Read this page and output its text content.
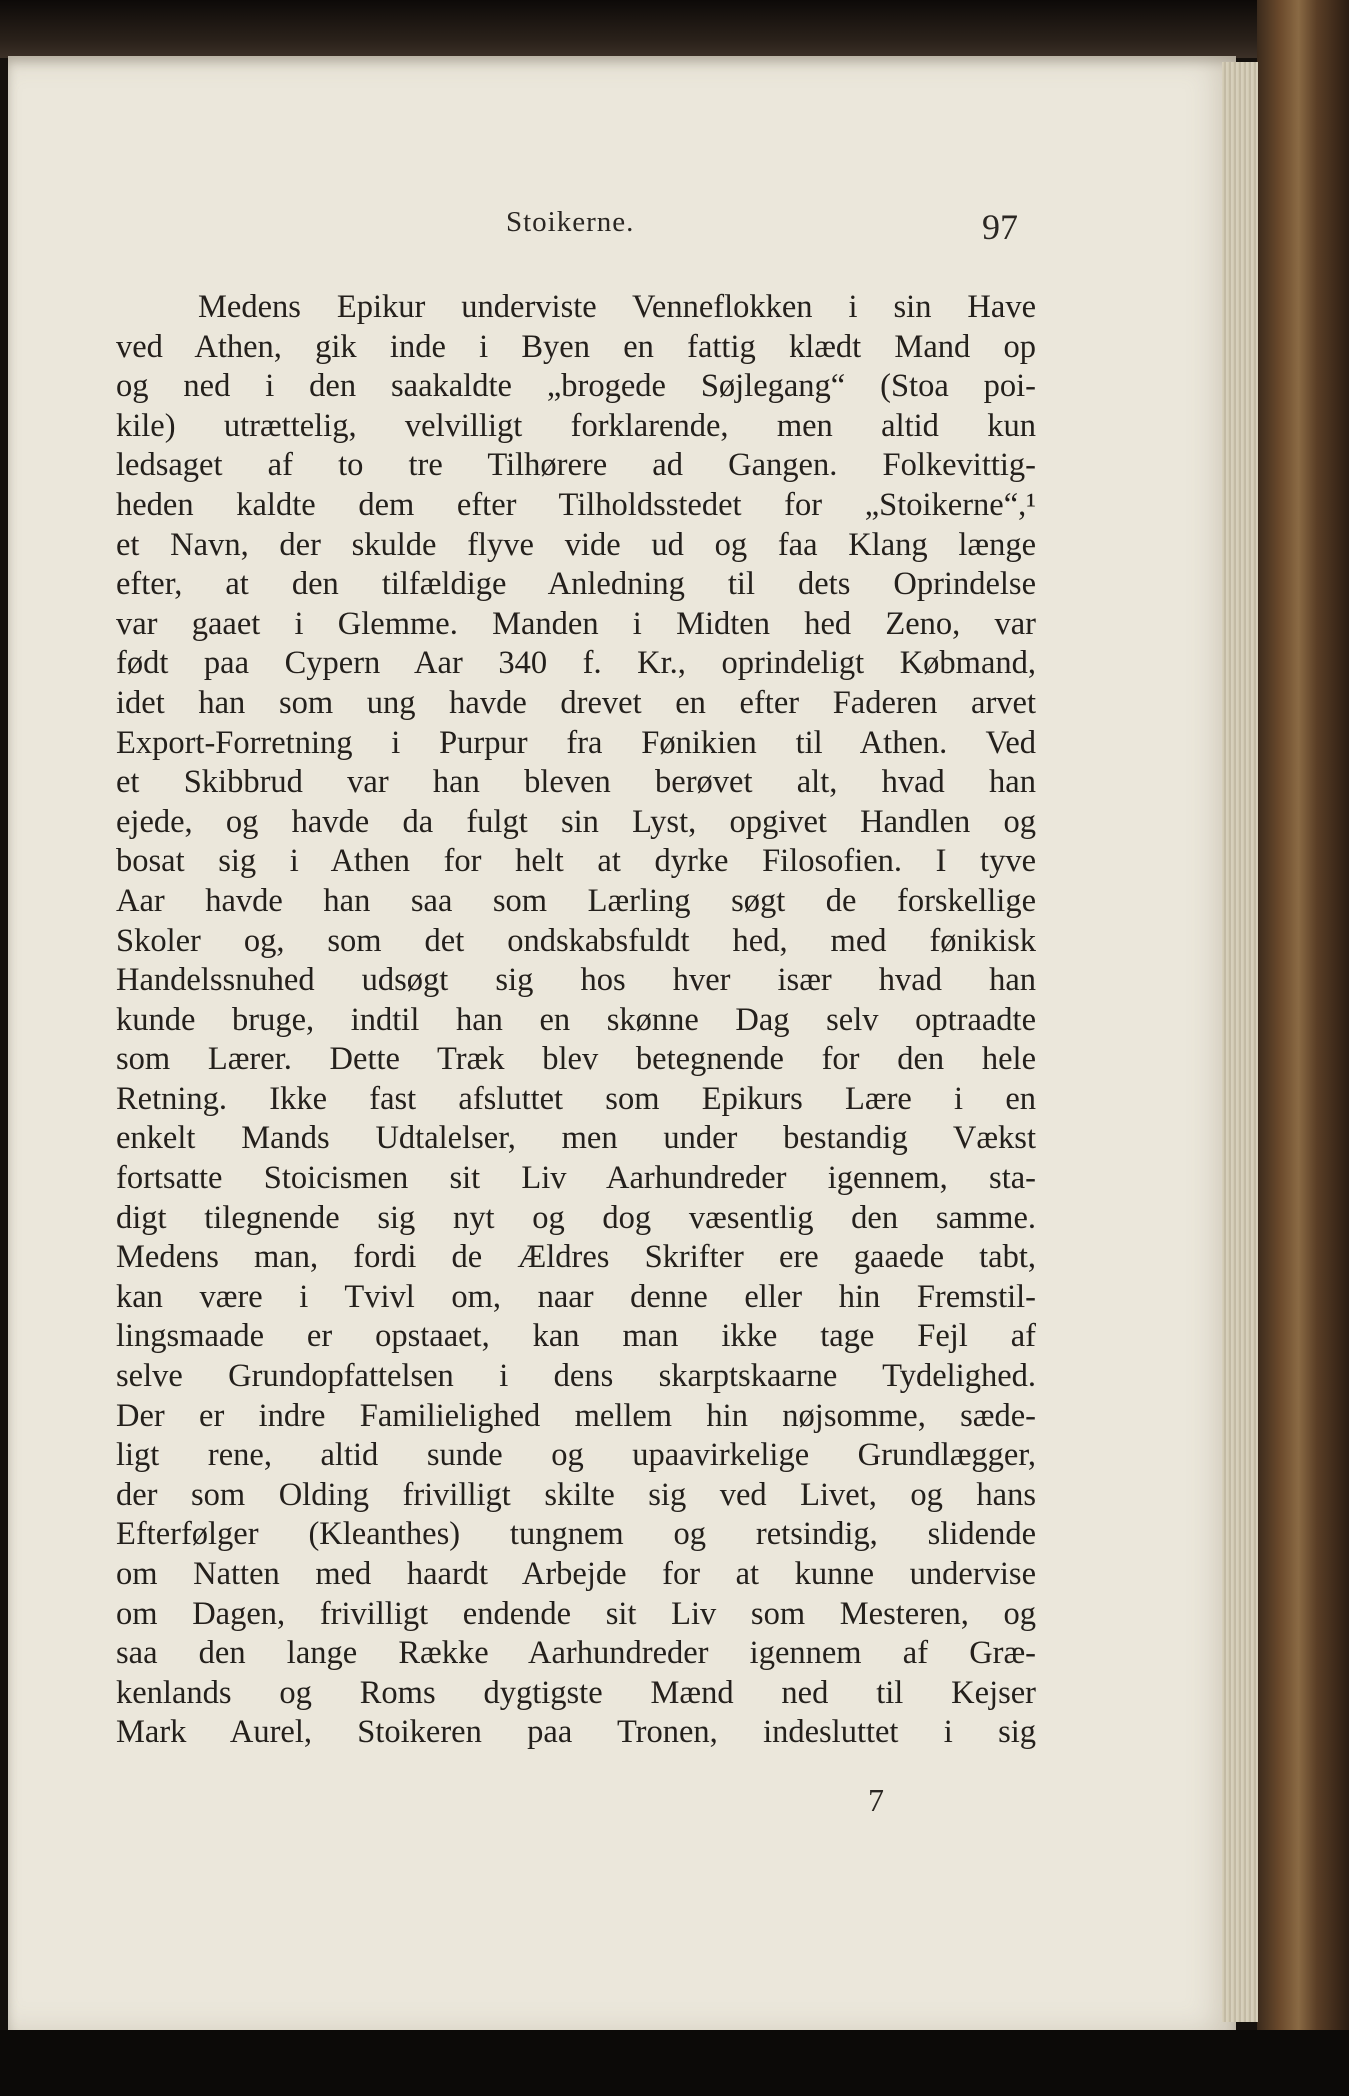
Stoikerne.	97
Medens Epikur underviste Venneflokken i sin Have
ved Athen, gik inde i Byen en fattig klædt Mand op
og ned i den saakaldte „brogede Søjlegang“ (Stoa poi-
kile) utrættelig, velvilligt forklarende, men altid kun
ledsaget af to tre Tilhørere ad Gangen. Folkevittig-
heden kaldte dem efter Tilholdsstedet for „Stoikerne“,¹
et Navn, der skulde flyve vide ud og faa Klang længe
efter, at den tilfældige Anledning til dets Oprindelse
var gaaet i Glemme. Manden i Midten hed Zeno, var
født paa Cypern Aar 340 f. Kr., oprindeligt Købmand,
idet han som ung havde drevet en efter Faderen arvet
Export-Forretning i Purpur fra Fønikien til Athen. Ved
et Skibbrud var han bleven berøvet alt, hvad han
ejede, og havde da fulgt sin Lyst, opgivet Handlen og
bosat sig i Athen for helt at dyrke Filosofien. I tyve
Aar havde han saa som Lærling søgt de forskellige
Skoler og, som det ondskabsfuldt hed, med fønikisk
Handelssnuhed udsøgt sig hos hver især hvad han
kunde bruge, indtil han en skønne Dag selv optraadte
som Lærer. Dette Træk blev betegnende for den hele
Retning. Ikke fast afsluttet som Epikurs Lære i en
enkelt Mands Udtalelser, men under bestandig Vækst
fortsatte Stoicismen sit Liv Aarhundreder igennem, sta-
digt tilegnende sig nyt og dog væsentlig den samme.
Medens man, fordi de Ældres Skrifter ere gaaede tabt,
kan være i Tvivl om, naar denne eller hin Fremstil-
lingsmaade er opstaaet, kan man ikke tage Fejl af
selve Grundopfattelsen i dens skarptskaarne Tydelighed.
Der er indre Familielighed mellem hin nøjsomme, sæde-
ligt rene, altid sunde og upaavirkelige Grundlægger,
der som Olding frivilligt skilte sig ved Livet, og hans
Efterfølger (Kleanthes) tungnem og retsindig, slidende
om Natten med haardt Arbejde for at kunne undervise
om Dagen, frivilligt endende sit Liv som Mesteren, og
saa den lange Række Aarhundreder igennem af Græ-
kenlands og Roms dygtigste Mænd ned til Kejser
Mark Aurel, Stoikeren paa Tronen, indesluttet i sig
7
